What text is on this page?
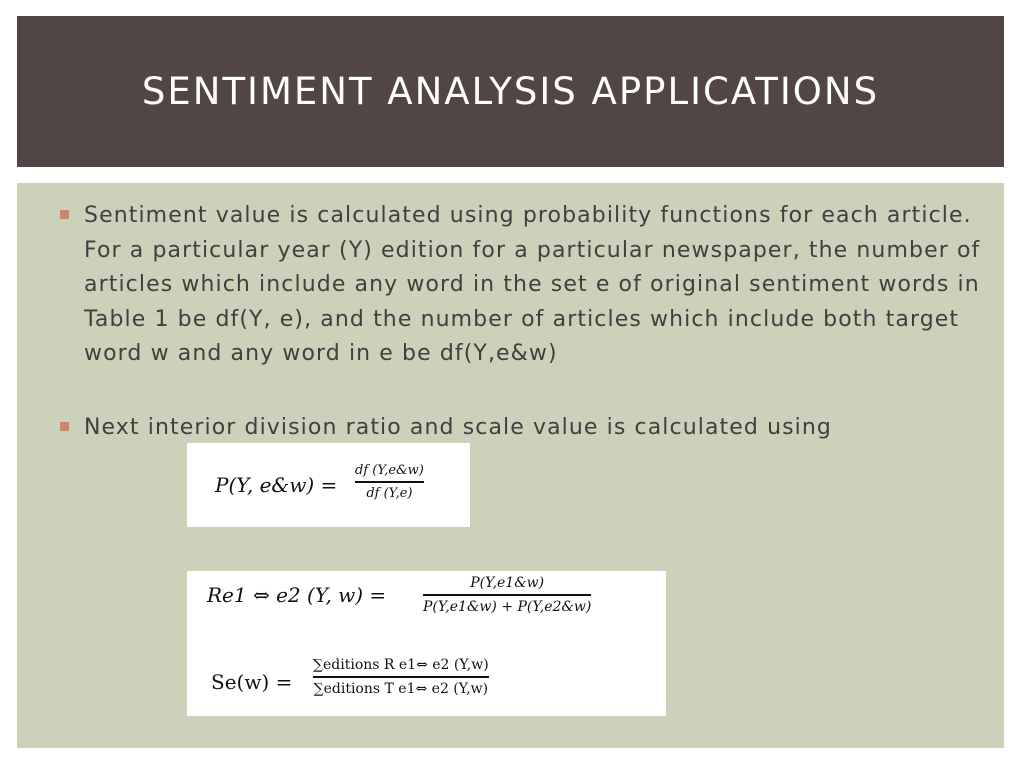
SENTIMENT ANALYSIS APPLICATIONS
Sentiment value is calculated using probability functions for each article. For a particular year (Y) edition for a particular newspaper, the number of articles which include any word in the set e of original sentiment words in Table 1 be df(Y, e), and the number of articles which include both target word w and any word in e be df(Y,e&w)
Next interior division ratio and scale value is calculated using
P(Y, e&w) =
df (Y,e&w)
df (Y,e)
Re1 ⇔ e2 (Y, w) =	P(Y,e1&w)
P(Y,e1&w) + P(Y,e2&w)
Se(w) =
∑editions R e1⇔ e2 (Y,w)
∑editions T e1⇔ e2 (Y,w)
